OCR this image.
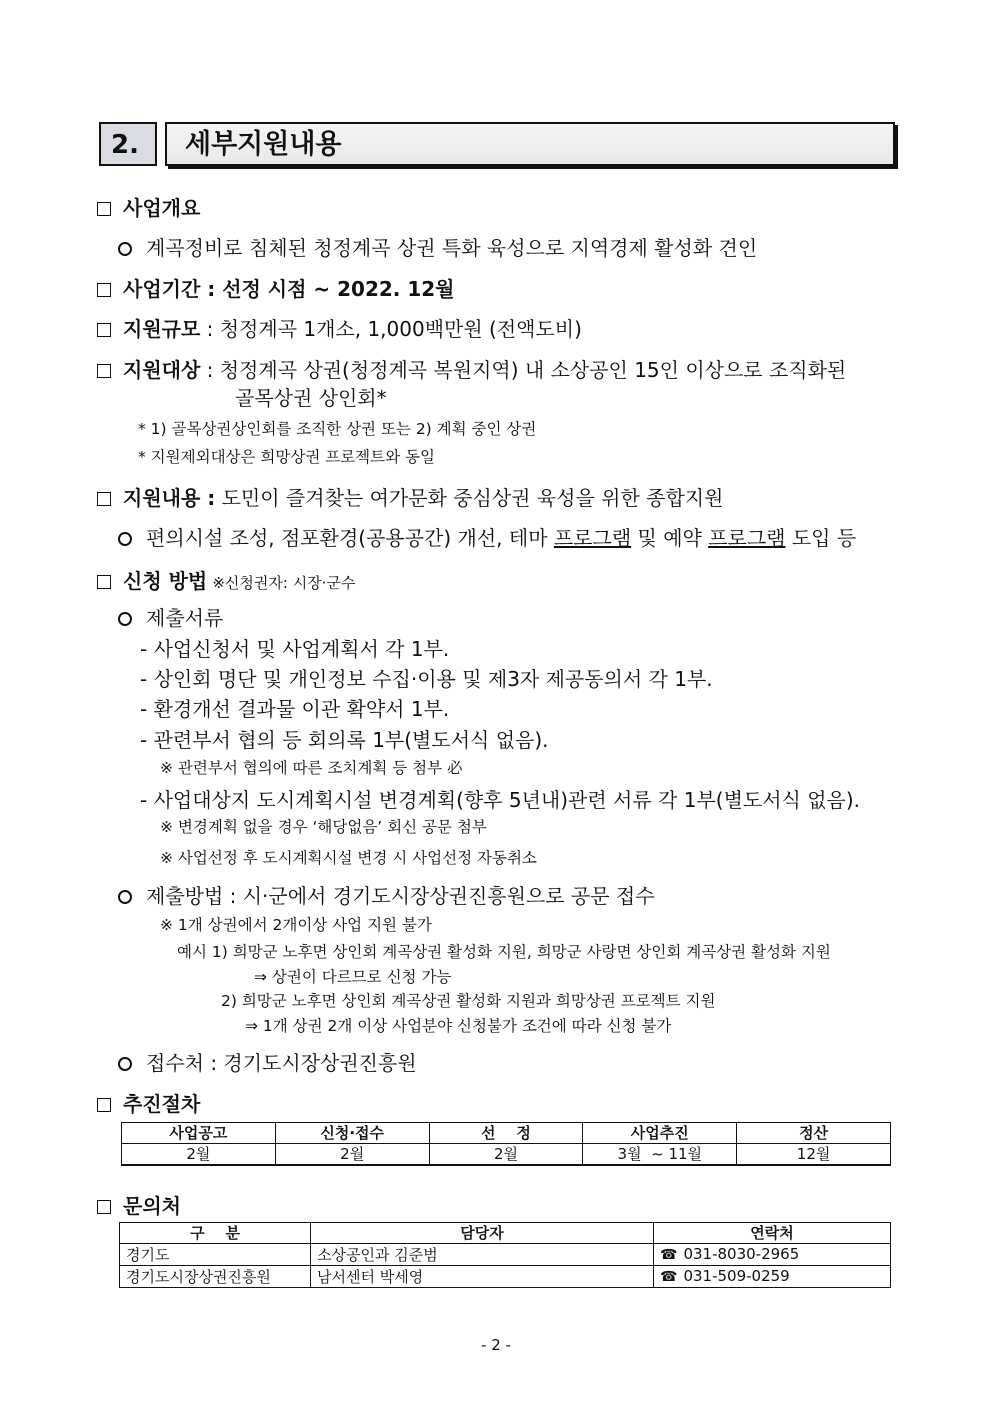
2.	세부지원내용
사업개요
계곡정비로 침체된 청정계곡 상권 특화 육성으로 지역경제 활성화 견인
사업기간 : 선정 시점 ~ 2022. 12월
지원규모 : 청정계곡 1개소, 1,000백만원 (전액도비)
지원대상 : 청정계곡 상권(청정계곡 복원지역) 내 소상공인 15인 이상으로 조직화된
골목상권 상인회*
* 1) 골목상권상인회를 조직한 상권 또는 2) 계획 중인 상권
* 지원제외대상은 희망상권 프로젝트와 동일
지원내용 : 도민이 즐겨찾는 여가문화 중심상권 육성을 위한 종합지원
편의시설 조성, 점포환경(공용공간) 개선, 테마 프로그램 및 예약 프로그램 도입 등
신청 방법 ※신청권자: 시장·군수
제출서류
- 사업신청서 및 사업계획서 각 1부.
- 상인회 명단 및 개인정보 수집·이용 및 제3자 제공동의서 각 1부.
- 환경개선 결과물 이관 확약서 1부.
- 관련부서 협의 등 회의록 1부(별도서식 없음).
※ 관련부서 협의에 따른 조치계획 등 첨부 必
- 사업대상지 도시계획시설 변경계획(향후 5년내)관련 서류 각 1부(별도서식 없음).
※ 변경계획 없을 경우 ‘해당없음’ 회신 공문 첨부
※ 사업선정 후 도시계획시설 변경 시 사업선정 자동취소
제출방법 : 시·군에서 경기도시장상권진흥원으로 공문 접수
※ 1개 상권에서 2개이상 사업 지원 불가
예시 1) 희망군 노후면 상인회 계곡상권 활성화 지원, 희망군 사랑면 상인회 계곡상권 활성화 지원
⇒ 상권이 다르므로 신청 가능
2) 희망군 노후면 상인회 계곡상권 활성화 지원과 희망상권 프로젝트 지원
⇒ 1개 상권 2개 이상 사업분야 신청불가 조건에 따라 신청 불가
접수처 : 경기도시장상권진흥원
추진절차
사업공고	신청·접수	선    정	사업추진	정산
2월	2월	2월	3월  ~ 11월	12월
문의처
구    분	담당자	연락처
경기도	소상공인과 김준범	☎ 031-8030-2965
경기도시장상권진흥원	남서센터 박세영	☎ 031-509-0259
- 2 -
